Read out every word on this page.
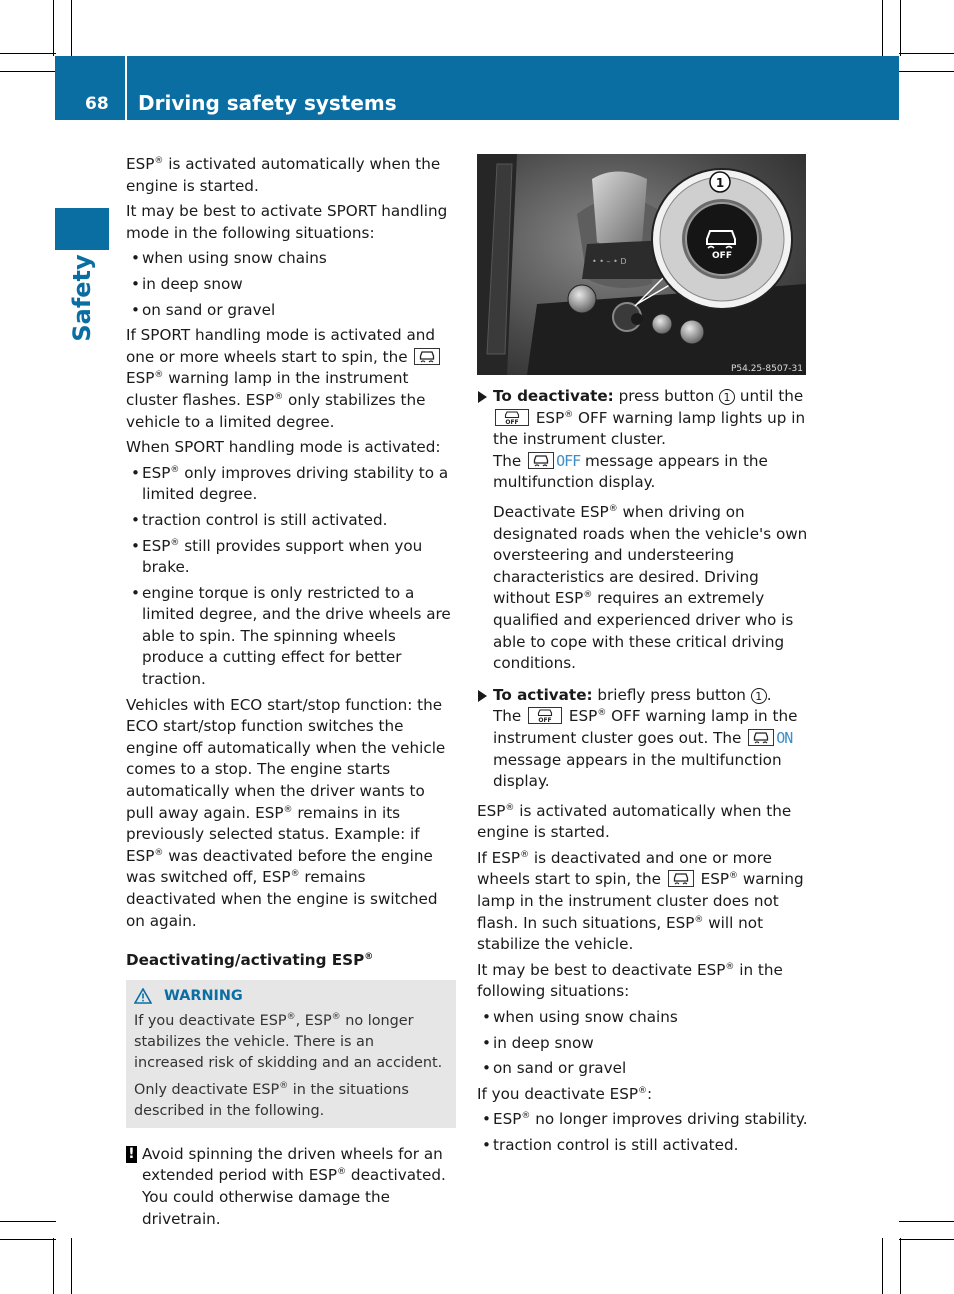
68 Driving safety systems
Safety

ESP® is activated automatically when the engine is started.

It may be best to activate SPORT handling mode in the following situations:

• when using snow chains
• in deep snow
• on sand or gravel

If SPORT handling mode is activated and one or more wheels start to spin, the
ESP® warning lamp in the instrument cluster flashes. ESP® only stabilizes the vehicle to a limited degree.

When SPORT handling mode is activated:

• ESP® only improves driving stability to a limited degree.
• traction control is still activated.
• ESP® still provides support when you brake.
• engine torque is only restricted to a limited degree, and the drive wheels are able to spin. The spinning wheels produce a cutting effect for better traction.

Vehicles with ECO start/stop function: the ECO start/stop function switches the engine off automatically when the vehicle comes to a stop. The engine starts automatically when the driver wants to pull away again. ESP® remains in its previously selected status. Example: if ESP® was deactivated before the engine was switched off, ESP® remains deactivated when the engine is switched on again.

Deactivating/activating ESP®

WARNING

If you deactivate ESP®, ESP® no longer stabilizes the vehicle. There is an increased risk of skidding and an accident.

Only deactivate ESP® in the situations described in the following.

! Avoid spinning the driven wheels for an extended period with ESP® deactivated. You could otherwise damage the drivetrain.

• • – • D
OFF
1
P54.25-8507-31

To deactivate: press button 1 until the
OFF ESP® OFF warning lamp lights up in the instrument cluster.
The OFF message appears in the multifunction display.

Deactivate ESP® when driving on designated roads when the vehicle's own oversteering and understeering characteristics are desired. Driving without ESP® requires an extremely qualified and experienced driver who is able to cope with these critical driving conditions.

To activate: briefly press button 1 .
The	OFF ESP® OFF warning lamp in the instrument cluster goes out. The ON message appears in the multifunction display.

ESP® is activated automatically when the engine is started.

If ESP® is deactivated and one or more wheels start to spin, the
ESP® warning lamp in the instrument cluster does not flash. In such situations, ESP® will not stabilize the vehicle.

It may be best to deactivate ESP® in the following situations:

• when using snow chains
• in deep snow
• on sand or gravel

If you deactivate ESP®:

• ESP® no longer improves driving stability.
• traction control is still activated.
